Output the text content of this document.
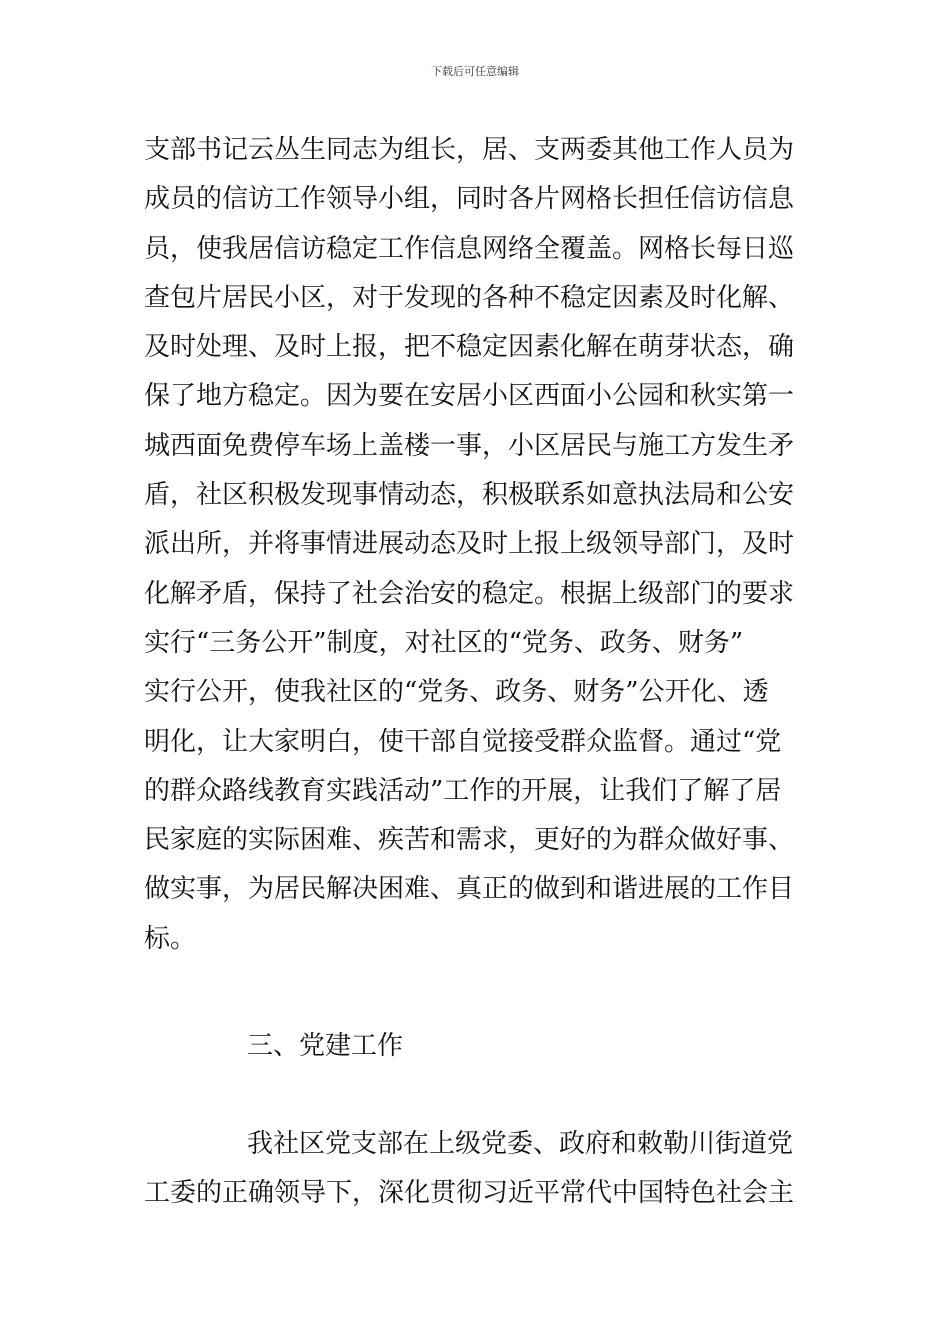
下载后可任意编辑
支部书记云丛生同志为组长，居、支两委其他工作人员为
成员的信访工作领导小组，同时各片网格长担任信访信息
员，使我居信访稳定工作信息网络全覆盖。网格长每日巡
查包片居民小区，对于发现的各种不稳定因素及时化解、
及时处理、及时上报，把不稳定因素化解在萌芽状态，确
保了地方稳定。因为要在安居小区西面小公园和秋实第一
城西面免费停车场上盖楼一事，小区居民与施工方发生矛
盾，社区积极发现事情动态，积极联系如意执法局和公安
派出所，并将事情进展动态及时上报上级领导部门，及时
化解矛盾，保持了社会治安的稳定。根据上级部门的要求
实行“三务公开”制度，对社区的“党务、政务、财务”
实行公开，使我社区的“党务、政务、财务”公开化、透
明化，让大家明白，使干部自觉接受群众监督。通过“党
的群众路线教育实践活动”工作的开展，让我们了解了居
民家庭的实际困难、疾苦和需求，更好的为群众做好事、
做实事，为居民解决困难、真正的做到和谐进展的工作目
标。
三、党建工作
我社区党支部在上级党委、政府和敕勒川街道党
工委的正确领导下，深化贯彻习近平常代中国特色社会主
